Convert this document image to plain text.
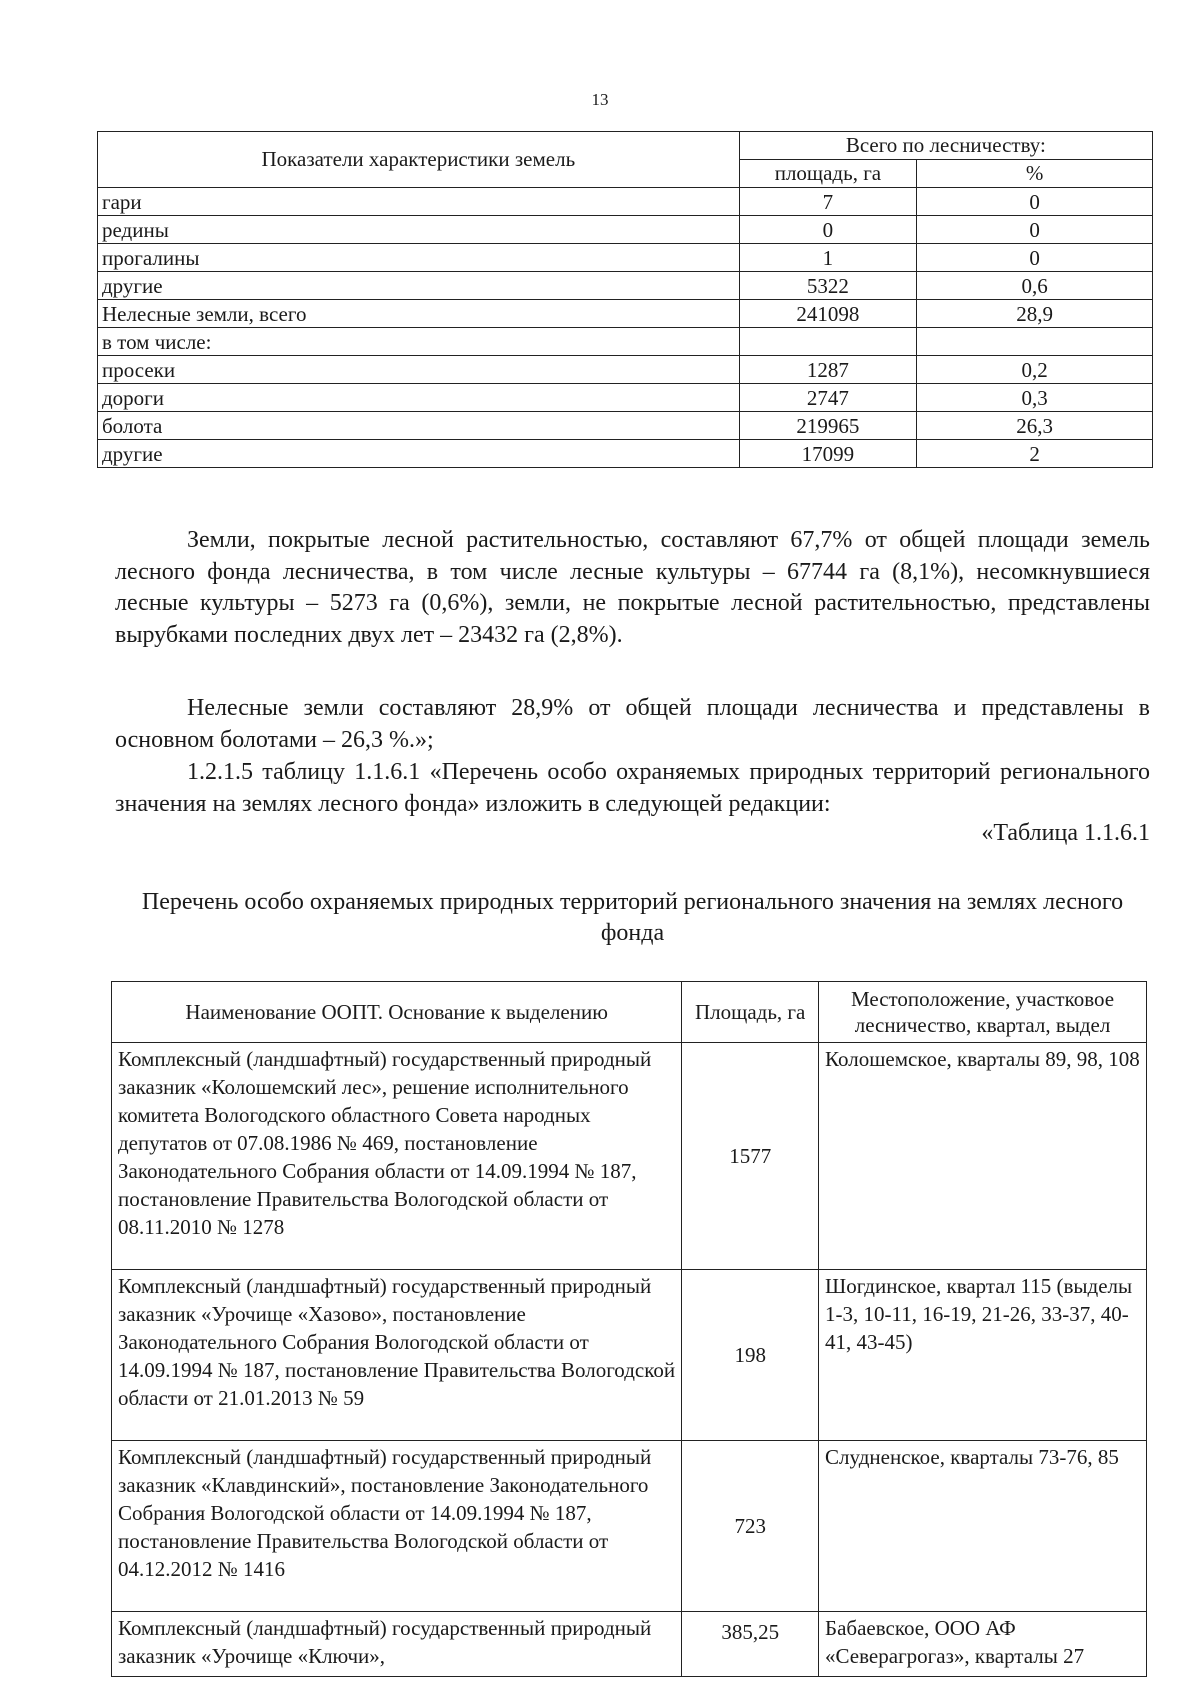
13
Показатели характеристики земель	Всего по лесничеству:	
	площадь, га	%
гари	7	0
редины	0	0
прогалины	1	0
другие	5322	0,6
Нелесные земли, всего	241098	28,9
в том числе:		
просеки	1287	0,2
дороги	2747	0,3
болота	219965	26,3
другие	17099	2
Земли, покрытые лесной растительностью, составляют 67,7% от общей площади земель лесного фонда лесничества, в том числе лесные культуры – 67744 га (8,1%), несомкнувшиеся лесные культуры – 5273 га (0,6%), земли, не покрытые лесной растительностью, представлены вырубками последних двух лет – 23432 га (2,8%).
Нелесные земли составляют 28,9% от общей площади лесничества и представлены в основном болотами – 26,3 %.»;
1.2.1.5 таблицу 1.1.6.1 «Перечень особо охраняемых природных территорий регионального значения на землях лесного фонда» изложить в следующей редакции:
«Таблица 1.1.6.1
Перечень особо охраняемых природных территорий регионального значения на землях лесного фонда
Наименование ООПТ. Основание к выделению	Площадь, га	Местоположение, участковое лесничество, квартал, выдел
Комплексный (ландшафтный) государственный природный заказник «Колошемский лес», решение исполнительного комитета Вологодского областного Совета народных депутатов от 07.08.1986 № 469, постановление Законодательного Собрания области от 14.09.1994 № 187, постановление Правительства Вологодской области от 08.11.2010 № 1278	1577	Колошемское, кварталы 89, 98, 108
Комплексный (ландшафтный) государственный природный заказник «Урочище «Хазово», постановление Законодательного Собрания Вологодской области от 14.09.1994 № 187, постановление Правительства Вологодской области от 21.01.2013 № 59	198	Шогдинское, квартал 115 (выделы 1-3, 10-11, 16-19, 21-26, 33-37, 40-41, 43-45)
Комплексный (ландшафтный) государственный природный заказник «Клавдинский», постановление Законодательного Собрания Вологодской области от 14.09.1994 № 187, постановление Правительства Вологодской области от 04.12.2012 № 1416	723	Слудненское, кварталы 73-76, 85
Комплексный (ландшафтный) государственный природный заказник «Урочище «Ключи»,	385,25	Бабаевское, ООО АФ «Северагрогаз», кварталы 27
